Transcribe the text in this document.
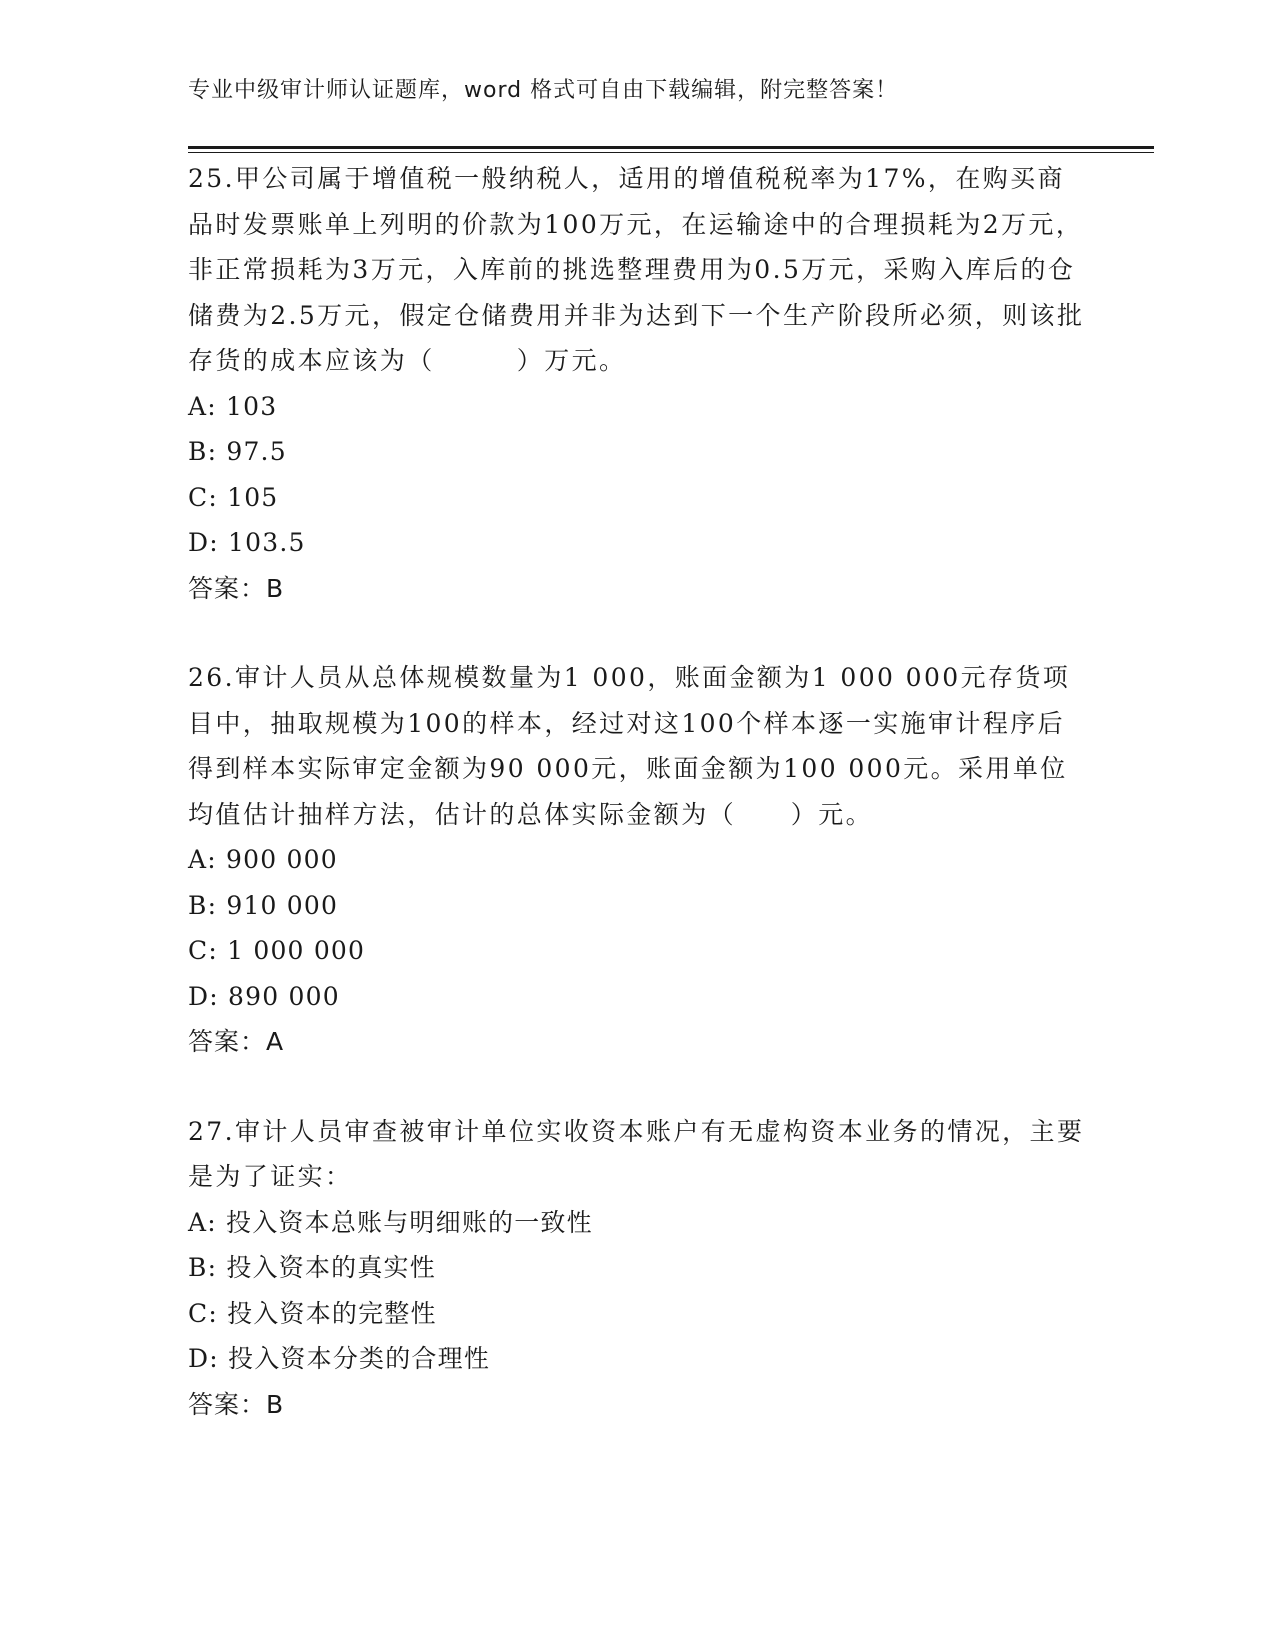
专业中级审计师认证题库，word 格式可自由下载编辑，附完整答案！

25.甲公司属于增值税一般纳税人，适用的增值税税率为17%，在购买商品时发票账单上列明的价款为100万元，在运输途中的合理损耗为2万元，非正常损耗为3万元，入库前的挑选整理费用为0.5万元，采购入库后的仓储费为2.5万元，假定仓储费用并非为达到下一个生产阶段所必须，则该批存货的成本应该为（　　　）万元。

A: 103

B: 97.5

C: 105

D: 103.5

答案：B

26.审计人员从总体规模数量为1 000，账面金额为1 000 000元存货项目中，抽取规模为100的样本，经过对这100个样本逐一实施审计程序后得到样本实际审定金额为90 000元，账面金额为100 000元。采用单位均值估计抽样方法，估计的总体实际金额为（　　）元。

A: 900 000

B: 910 000

C: 1 000 000

D: 890 000

答案：A

27.审计人员审查被审计单位实收资本账户有无虚构资本业务的情况，主要是为了证实：

A: 投入资本总账与明细账的一致性

B: 投入资本的真实性

C: 投入资本的完整性

D: 投入资本分类的合理性

答案：B
